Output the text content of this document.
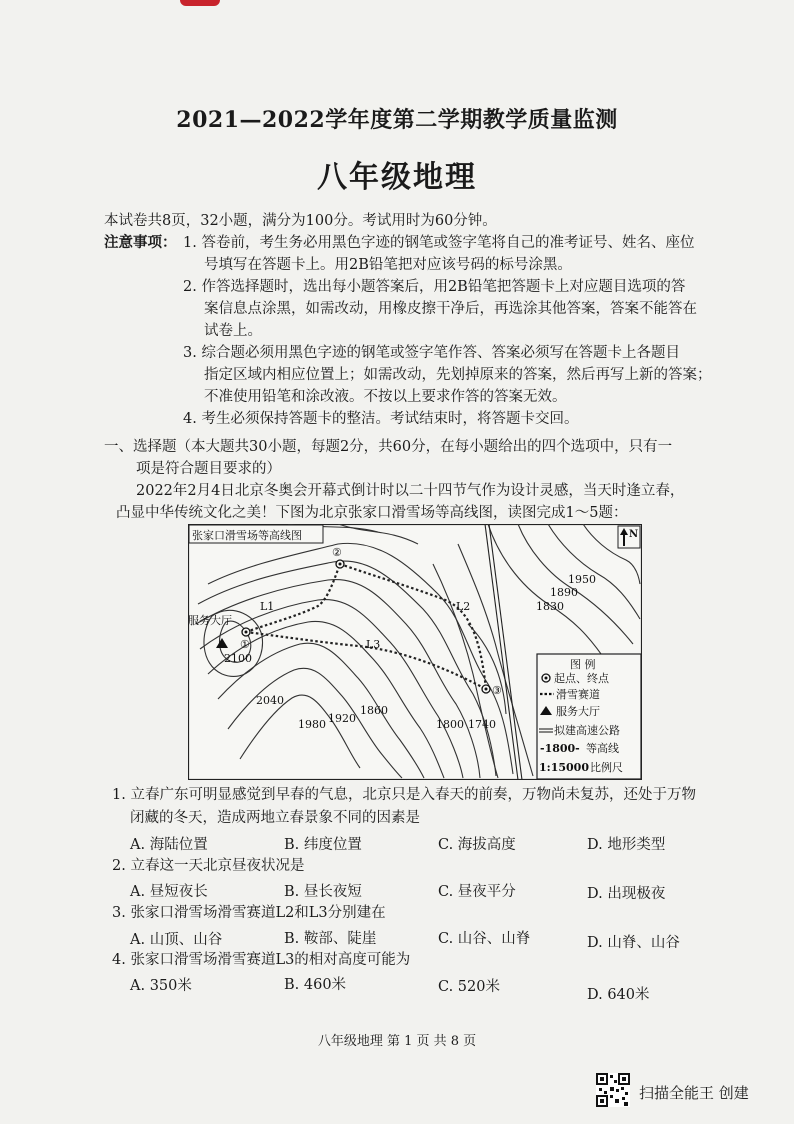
2021—2022学年度第二学期教学质量监测
八年级地理
本试卷共8页，32小题，满分为100分。考试用时为60分钟。
注意事项： 1. 答卷前，考生务必用黑色字迹的钢笔或签字笔将自己的准考证号、姓名、座位
号填写在答题卡上。用2B铅笔把对应该号码的标号涂黑。
2. 作答选择题时，选出每小题答案后，用2B铅笔把答题卡上对应题目选项的答
案信息点涂黑，如需改动，用橡皮擦干净后，再选涂其他答案，答案不能答在
试卷上。
3. 综合题必须用黑色字迹的钢笔或签字笔作答、答案必须写在答题卡上各题目
指定区域内相应位置上；如需改动，先划掉原来的答案，然后再写上新的答案；
不准使用铅笔和涂改液。不按以上要求作答的答案无效。
4. 考生必须保持答题卡的整洁。考试结束时，将答题卡交回。
一、选择题（本大题共30小题，每题2分，共60分，在每小题给出的四个选项中，只有一
项是符合题目要求的）
2022年2月4日北京冬奥会开幕式倒计时以二十四节气作为设计灵感，当天时逢立春，
凸显中华传统文化之美！下图为北京张家口滑雪场等高线图，读图完成1～5题：
张家口滑雪场等高线图
服务大厅
①
②
③
L1	L2
L3
2100
2040
1980 1920
1860
1800 1740
1950
1890
1830
N
图 例
起点、终点
滑雪赛道
服务大厅
拟建高速公路
-1800- 等高线
1:15000 比例尺
1. 立春广东可明显感觉到早春的气息，北京只是入春天的前奏，万物尚未复苏，还处于万物
闭藏的冬天，造成两地立春景象不同的因素是
A. 海陆位置	B. 纬度位置	C. 海拔高度	D. 地形类型
2. 立春这一天北京昼夜状况是
A. 昼短夜长	B. 昼长夜短	C. 昼夜平分	D. 出现极夜
3. 张家口滑雪场滑雪赛道L2和L3分别建在
A. 山顶、山谷	B. 鞍部、陡崖	C. 山谷、山脊	D. 山脊、山谷
4. 张家口滑雪场滑雪赛道L3的相对高度可能为
A. 350米	B. 460米	C. 520米	D. 640米
八年级地理 第 1 页 共 8 页
扫描全能王 创建
